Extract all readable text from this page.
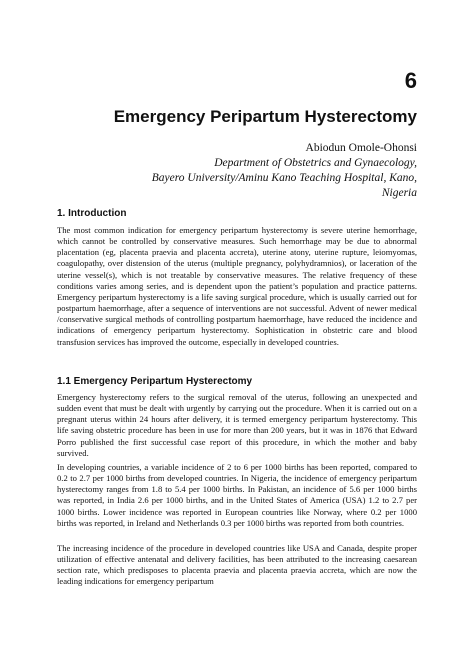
6
Emergency Peripartum Hysterectomy
Abiodun Omole-Ohonsi
Department of Obstetrics and Gynaecology,
Bayero University/Aminu Kano Teaching Hospital, Kano,
Nigeria
1. Introduction

The most common indication for emergency peripartum hysterectomy is severe uterine hemorrhage, which cannot be controlled by conservative measures. Such hemorrhage may be due to abnormal placentation (eg, placenta praevia and placenta accreta), uterine atony, uterine rupture, leiomyomas, coagulopathy, over distension of the uterus (multiple pregnancy, polyhydramnios), or laceration of the uterine vessel(s), which is not treatable by conservative measures. The relative frequency of these conditions varies among series, and is dependent upon the patient’s population and practice patterns. Emergency peripartum hysterectomy is a life saving surgical procedure, which is usually carried out for postpartum haemorrhage, after a sequence of interventions are not successful. Advent of newer medical /conservative surgical methods of controlling postpartum haemorrhage, have reduced the incidence and indications of emergency peripartum hysterectomy. Sophistication in obstetric care and blood transfusion services has improved the outcome, especially in developed countries.

1.1 Emergency Peripartum Hysterectomy

Emergency hysterectomy refers to the surgical removal of the uterus, following an unexpected and sudden event that must be dealt with urgently by carrying out the procedure. When it is carried out on a pregnant uterus within 24 hours after delivery, it is termed emergency peripartum hysterectomy. This life saving obstetric procedure has been in use for more than 200 years, but it was in 1876 that Edward Porro published the first successful case report of this procedure, in which the mother and baby survived.

In developing countries, a variable incidence of 2 to 6 per 1000 births has been reported, compared to 0.2 to 2.7 per 1000 births from developed countries. In Nigeria, the incidence of emergency peripartum hysterectomy ranges from 1.8 to 5.4 per 1000 births. In Pakistan, an incidence of 5.6 per 1000 births was reported, in India 2.6 per 1000 births, and in the United States of America (USA) 1.2 to 2.7 per 1000 births. Lower incidence was reported in European countries like Norway, where 0.2 per 1000 births was reported, in Ireland and Netherlands 0.3 per 1000 births was reported from both countries.

The increasing incidence of the procedure in developed countries like USA and Canada, despite proper utilization of effective antenatal and delivery facilities, has been attributed to the increasing caesarean section rate, which predisposes to placenta praevia and placenta praevia accreta, which are now the leading indications for emergency peripartum
